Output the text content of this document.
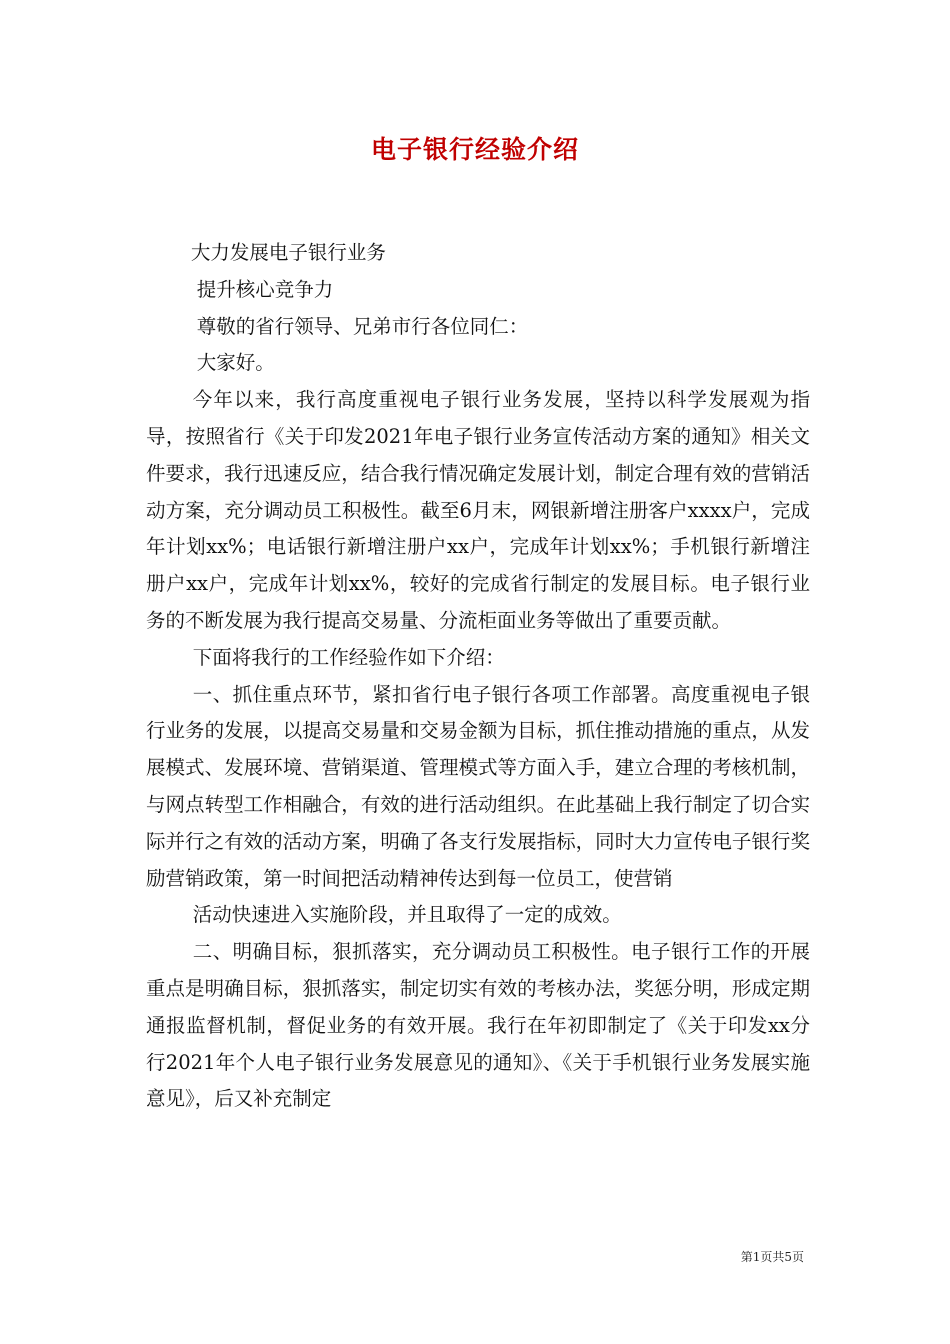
电子银行经验介绍

大力发展电子银行业务

提升核心竞争力

尊敬的省行领导、兄弟市行各位同仁：

大家好。

今年以来，我行高度重视电子银行业务发展，坚持以科学发展观为指导，按照省行《关于印发2021年电子银行业务宣传活动方案的通知》相关文件要求，我行迅速反应，结合我行情况确定发展计划，制定合理有效的营销活动方案，充分调动员工积极性。截至6月末，网银新增注册客户xxxx户，完成年计划xx%；电话银行新增注册户xx户，完成年计划xx%；手机银行新增注册户xx户，完成年计划xx%，较好的完成省行制定的发展目标。电子银行业务的不断发展为我行提高交易量、分流柜面业务等做出了重要贡献。

下面将我行的工作经验作如下介绍：

一、抓住重点环节，紧扣省行电子银行各项工作部署。高度重视电子银行业务的发展，以提高交易量和交易金额为目标，抓住推动措施的重点，从发展模式、发展环境、营销渠道、管理模式等方面入手，建立合理的考核机制，与网点转型工作相融合，有效的进行活动组织。在此基础上我行制定了切合实际并行之有效的活动方案，明确了各支行发展指标，同时大力宣传电子银行奖励营销政策，第一时间把活动精神传达到每一位员工，使营销

活动快速进入实施阶段，并且取得了一定的成效。

二、明确目标，狠抓落实，充分调动员工积极性。电子银行工作的开展重点是明确目标，狠抓落实，制定切实有效的考核办法，奖惩分明，形成定期通报监督机制，督促业务的有效开展。我行在年初即制定了《关于印发xx分行2021年个人电子银行业务发展意见的通知》、《关于手机银行业务发展实施意见》，后又补充制定

第1页共5页
